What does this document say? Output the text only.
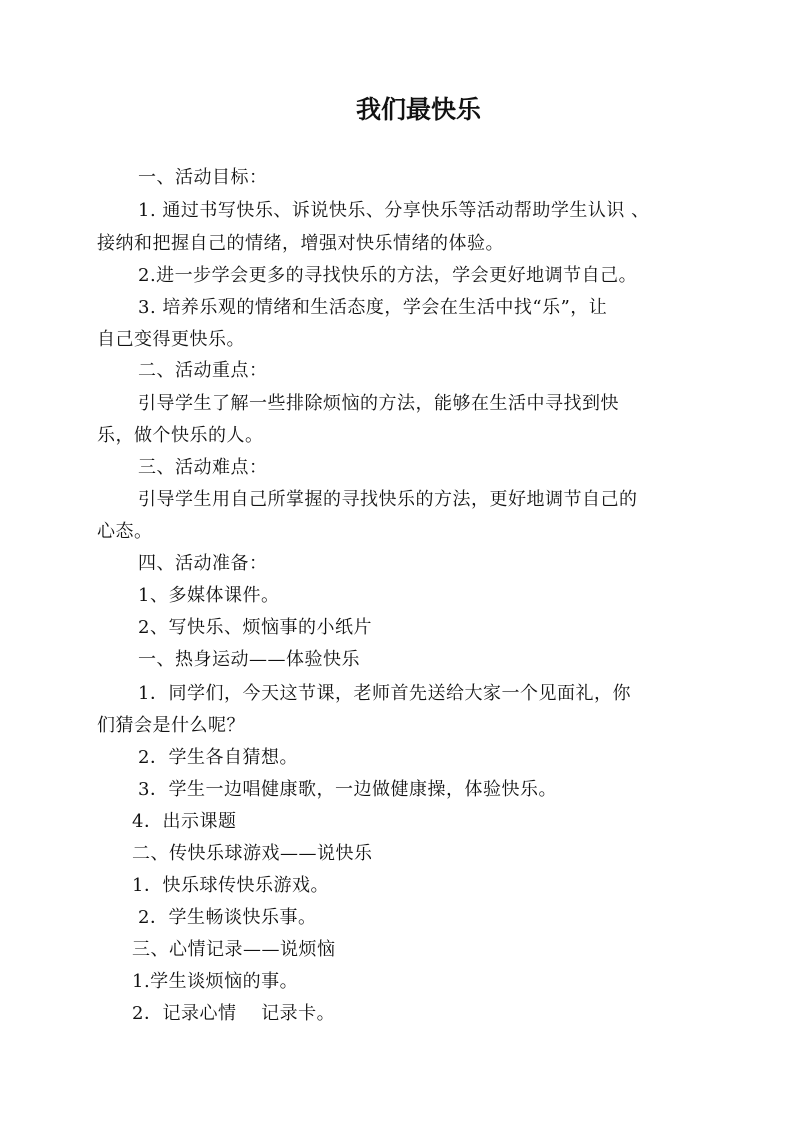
我们最快乐
一、活动目标：
1. 通过书写快乐、诉说快乐、分享快乐等活动帮助学生认识 、
接纳和把握自己的情绪，增强对快乐情绪的体验。
2.进一步学会更多的寻找快乐的方法，学会更好地调节自己。
3. 培养乐观的情绪和生活态度，学会在生活中找“乐”，让
自己变得更快乐。
二、活动重点：
引导学生了解一些排除烦恼的方法，能够在生活中寻找到快
乐，做个快乐的人。
三、活动难点：
引导学生用自己所掌握的寻找快乐的方法，更好地调节自己的
心态。
四、活动准备：
1、多媒体课件。
2、写快乐、烦恼事的小纸片
一、热身运动——体验快乐
1．同学们，今天这节课，老师首先送给大家一个见面礼，你
们猜会是什么呢？
2．学生各自猜想。
3．学生一边唱健康歌，一边做健康操，体验快乐。
4．出示课题
二、传快乐球游戏——说快乐
1．快乐球传快乐游戏。
2．学生畅谈快乐事。
三、心情记录——说烦恼
1.学生谈烦恼的事。
2．记录心情　 记录卡。
